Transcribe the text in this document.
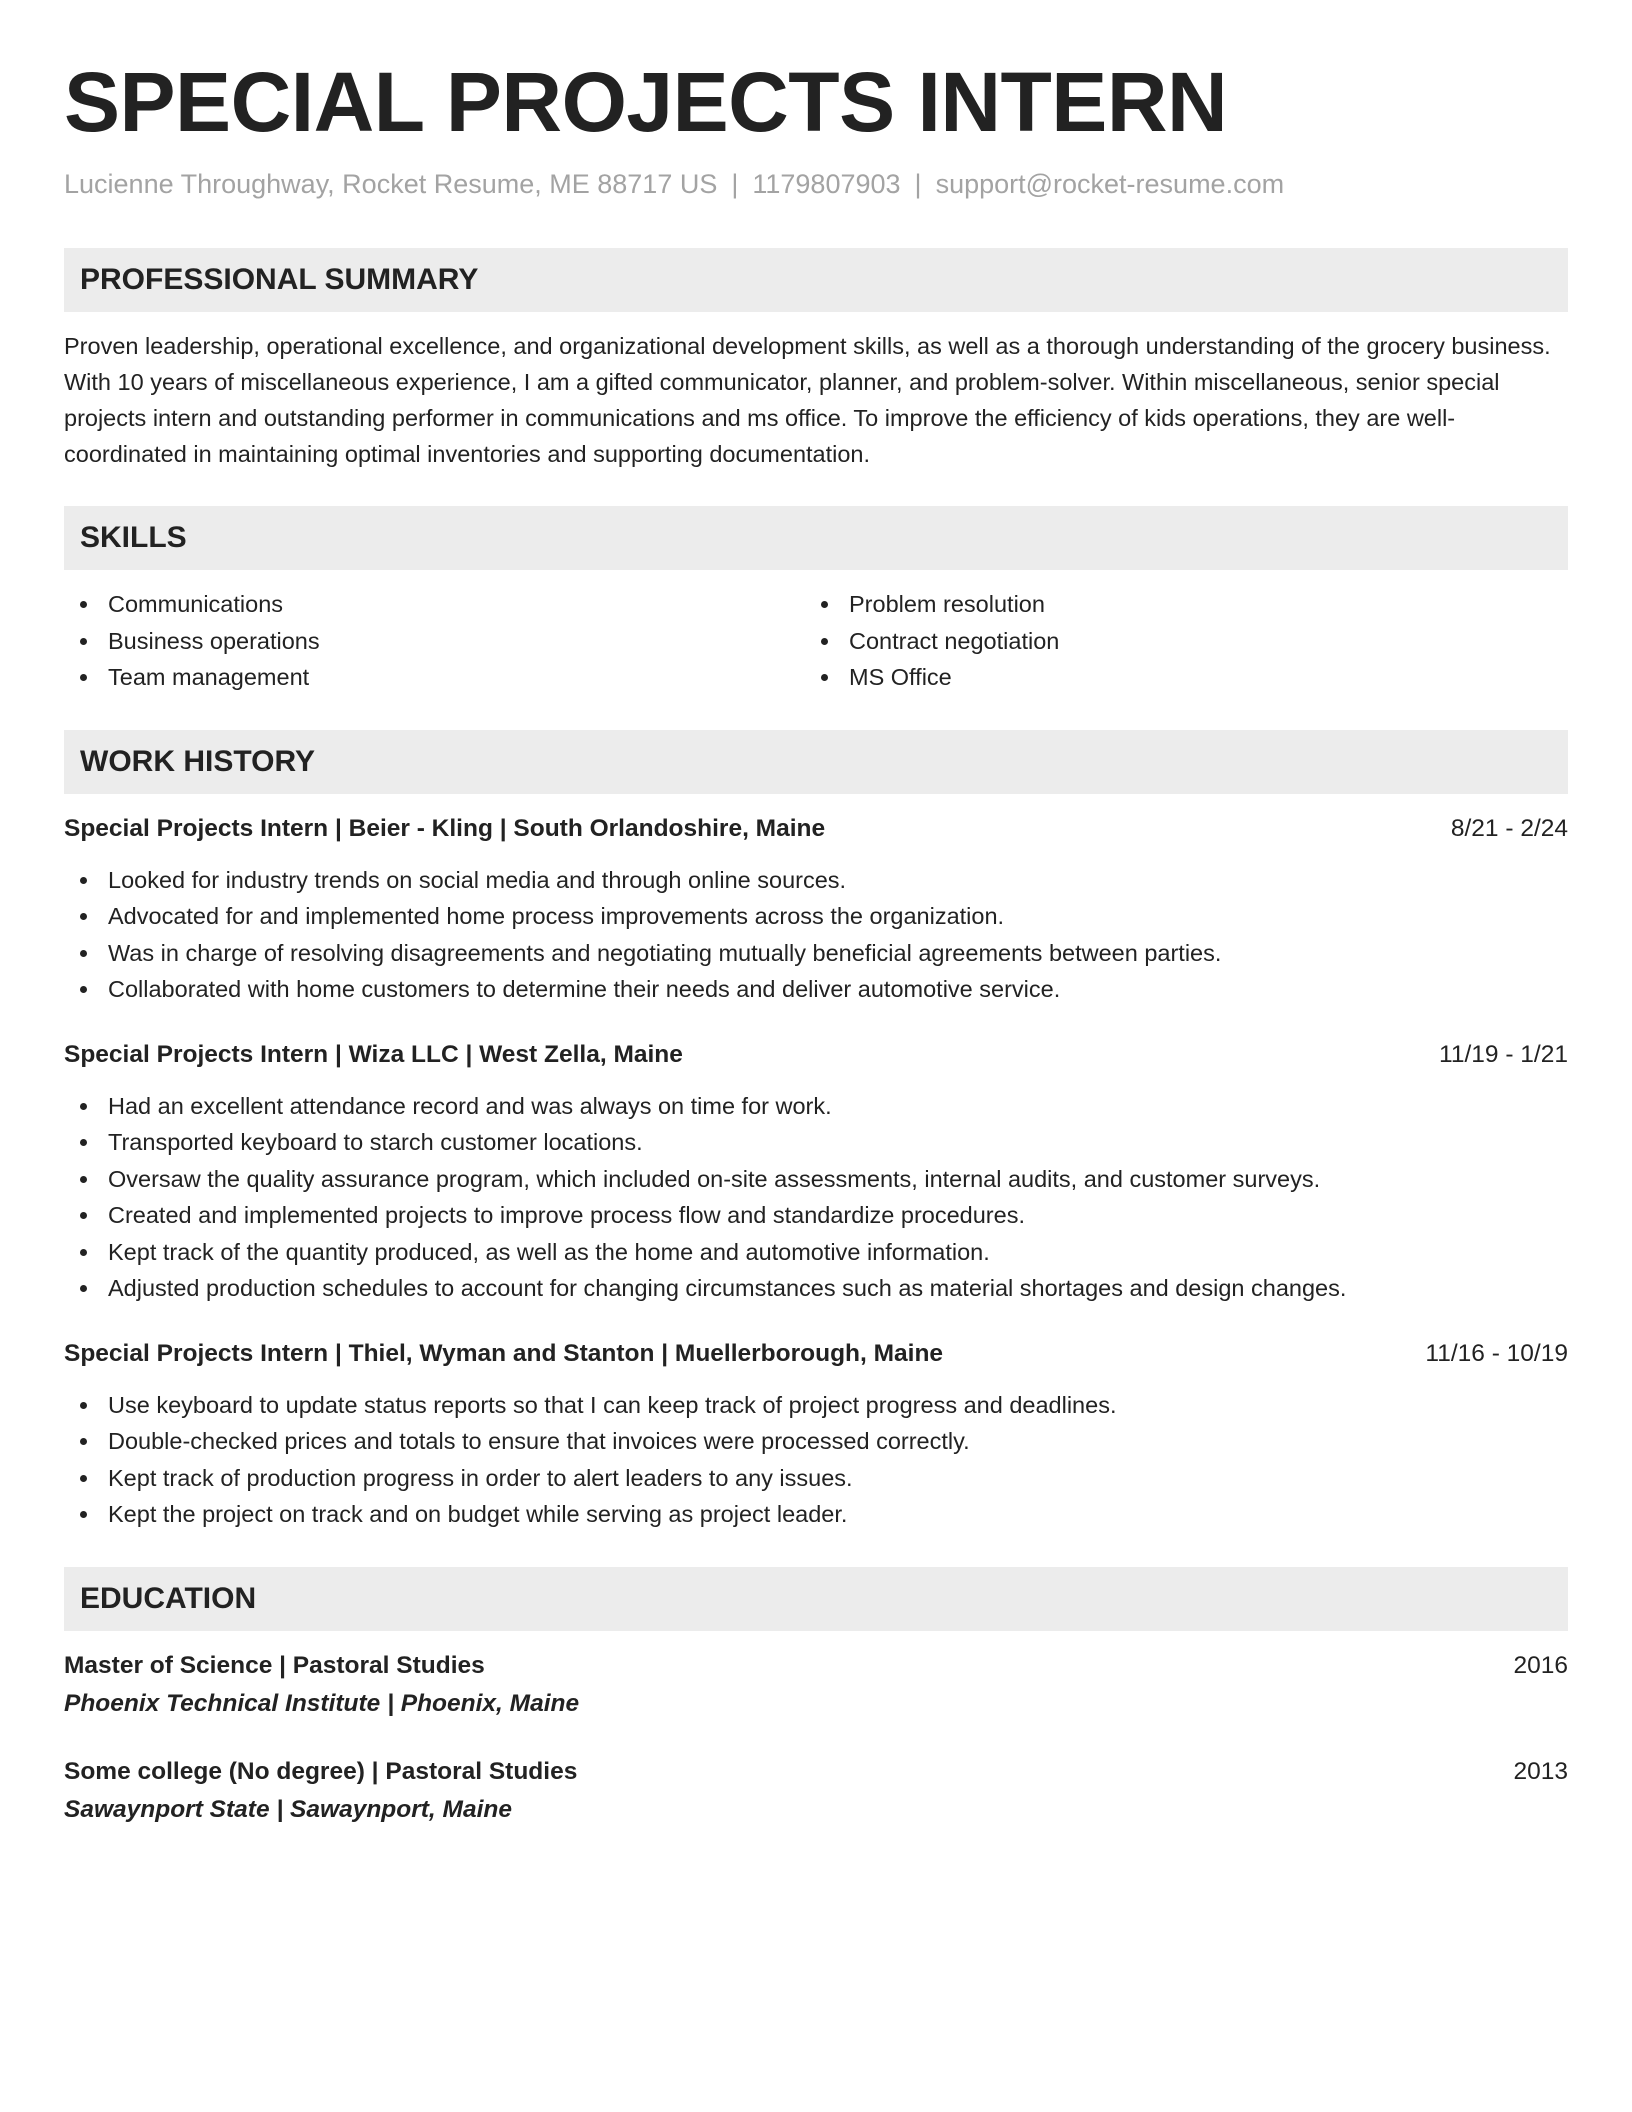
SPECIAL PROJECTS INTERN
Lucienne Throughway, Rocket Resume, ME 88717 US | 1179807903 | support@rocket-resume.com
PROFESSIONAL SUMMARY
Proven leadership, operational excellence, and organizational development skills, as well as a thorough understanding of the grocery business. With 10 years of miscellaneous experience, I am a gifted communicator, planner, and problem-solver. Within miscellaneous, senior special projects intern and outstanding performer in communications and ms office. To improve the efficiency of kids operations, they are well-coordinated in maintaining optimal inventories and supporting documentation.
SKILLS
Communications
Business operations
Team management
Problem resolution
Contract negotiation
MS Office
WORK HISTORY
Special Projects Intern | Beier - Kling | South Orlandoshire, Maine	8/21 - 2/24
Looked for industry trends on social media and through online sources.
Advocated for and implemented home process improvements across the organization.
Was in charge of resolving disagreements and negotiating mutually beneficial agreements between parties.
Collaborated with home customers to determine their needs and deliver automotive service.
Special Projects Intern | Wiza LLC | West Zella, Maine	11/19 - 1/21
Had an excellent attendance record and was always on time for work.
Transported keyboard to starch customer locations.
Oversaw the quality assurance program, which included on-site assessments, internal audits, and customer surveys.
Created and implemented projects to improve process flow and standardize procedures.
Kept track of the quantity produced, as well as the home and automotive information.
Adjusted production schedules to account for changing circumstances such as material shortages and design changes.
Special Projects Intern | Thiel, Wyman and Stanton | Muellerborough, Maine	11/16 - 10/19
Use keyboard to update status reports so that I can keep track of project progress and deadlines.
Double-checked prices and totals to ensure that invoices were processed correctly.
Kept track of production progress in order to alert leaders to any issues.
Kept the project on track and on budget while serving as project leader.
EDUCATION
Master of Science | Pastoral Studies	2016
Phoenix Technical Institute | Phoenix, Maine
Some college (No degree) | Pastoral Studies	2013
Sawaynport State | Sawaynport, Maine
